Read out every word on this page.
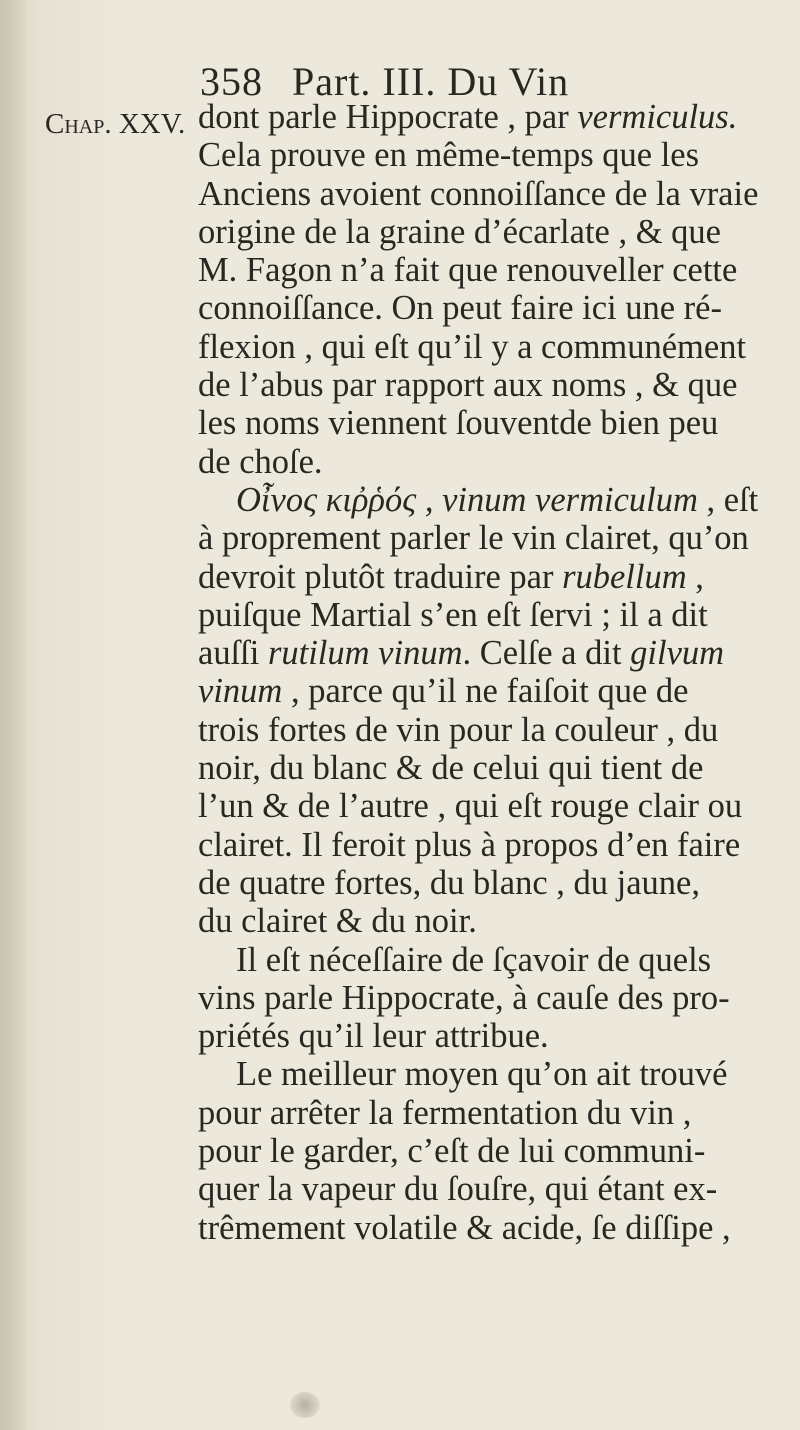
358 Part. III. Du Vin
Chap. XXV. dont parle Hippocrate , par vermiculus.
Cela prouve en même-temps que les
Anciens avoient connoiſſance de la vraie
origine de la graine d’écarlate , & que
M. Fagon n’a fait que renouveller cette
connoiſſance. On peut faire ici une ré-
flexion , qui eſt qu’il y a communément
de l’abus par rapport aux noms , & que
les noms viennent ſouventde bien peu
de choſe.
Oἶνος κιῤῥός , vinum vermiculum , eſt
à proprement parler le vin clairet, qu’on
devroit plutôt traduire par rubellum ,
puiſque Martial s’en eſt ſervi ; il a dit
auſſi rutilum vinum. Celſe a dit gilvum
vinum , parce qu’il ne faiſoit que de
trois fortes de vin pour la couleur , du
noir, du blanc & de celui qui tient de
l’un & de l’autre , qui eſt rouge clair ou
clairet. Il feroit plus à propos d’en faire
de quatre fortes, du blanc , du jaune,
du clairet & du noir.
Il eſt néceſſaire de ſçavoir de quels
vins parle Hippocrate, à cauſe des pro-
priétés qu’il leur attribue.
Le meilleur moyen qu’on ait trouvé
pour arrêter la fermentation du vin ,
pour le garder, c’eſt de lui communi-
quer la vapeur du ſouſre, qui étant ex-
trêmement volatile & acide, ſe diſſipe ,
